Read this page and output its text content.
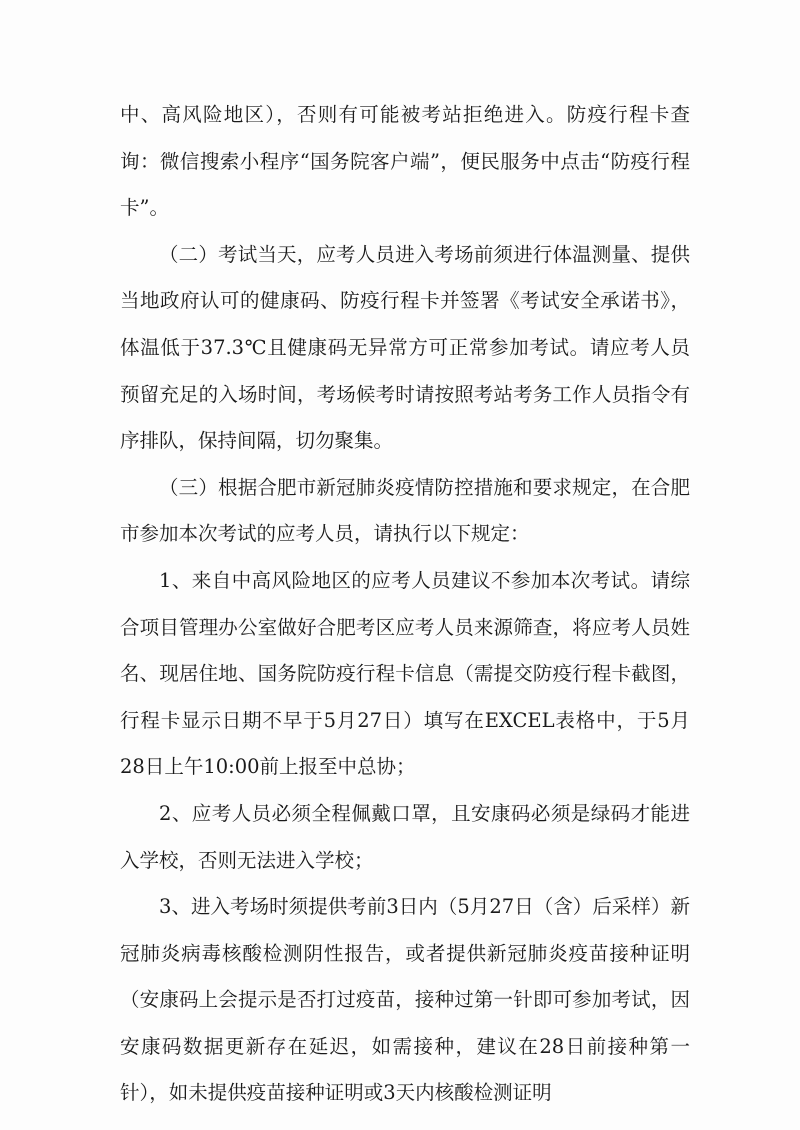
中、高风险地区），否则有可能被考站拒绝进入。防疫行程卡查询：微信搜索小程序“国务院客户端”，便民服务中点击“防疫行程卡”。

（二）考试当天，应考人员进入考场前须进行体温测量、提供当地政府认可的健康码、防疫行程卡并签署《考试安全承诺书》，体温低于37.3℃且健康码无异常方可正常参加考试。请应考人员预留充足的入场时间，考场候考时请按照考站考务工作人员指令有序排队，保持间隔，切勿聚集。

（三）根据合肥市新冠肺炎疫情防控措施和要求规定，在合肥市参加本次考试的应考人员，请执行以下规定：

1、来自中高风险地区的应考人员建议不参加本次考试。请综合项目管理办公室做好合肥考区应考人员来源筛查，将应考人员姓名、现居住地、国务院防疫行程卡信息（需提交防疫行程卡截图，行程卡显示日期不早于5月27日）填写在EXCEL表格中，于5月28日上午10:00前上报至中总协；

2、应考人员必须全程佩戴口罩，且安康码必须是绿码才能进入学校，否则无法进入学校；

3、进入考场时须提供考前3日内（5月27日（含）后采样）新冠肺炎病毒核酸检测阴性报告，或者提供新冠肺炎疫苗接种证明（安康码上会提示是否打过疫苗，接种过第一针即可参加考试，因安康码数据更新存在延迟，如需接种，建议在28日前接种第一针），如未提供疫苗接种证明或3天内核酸检测证明
